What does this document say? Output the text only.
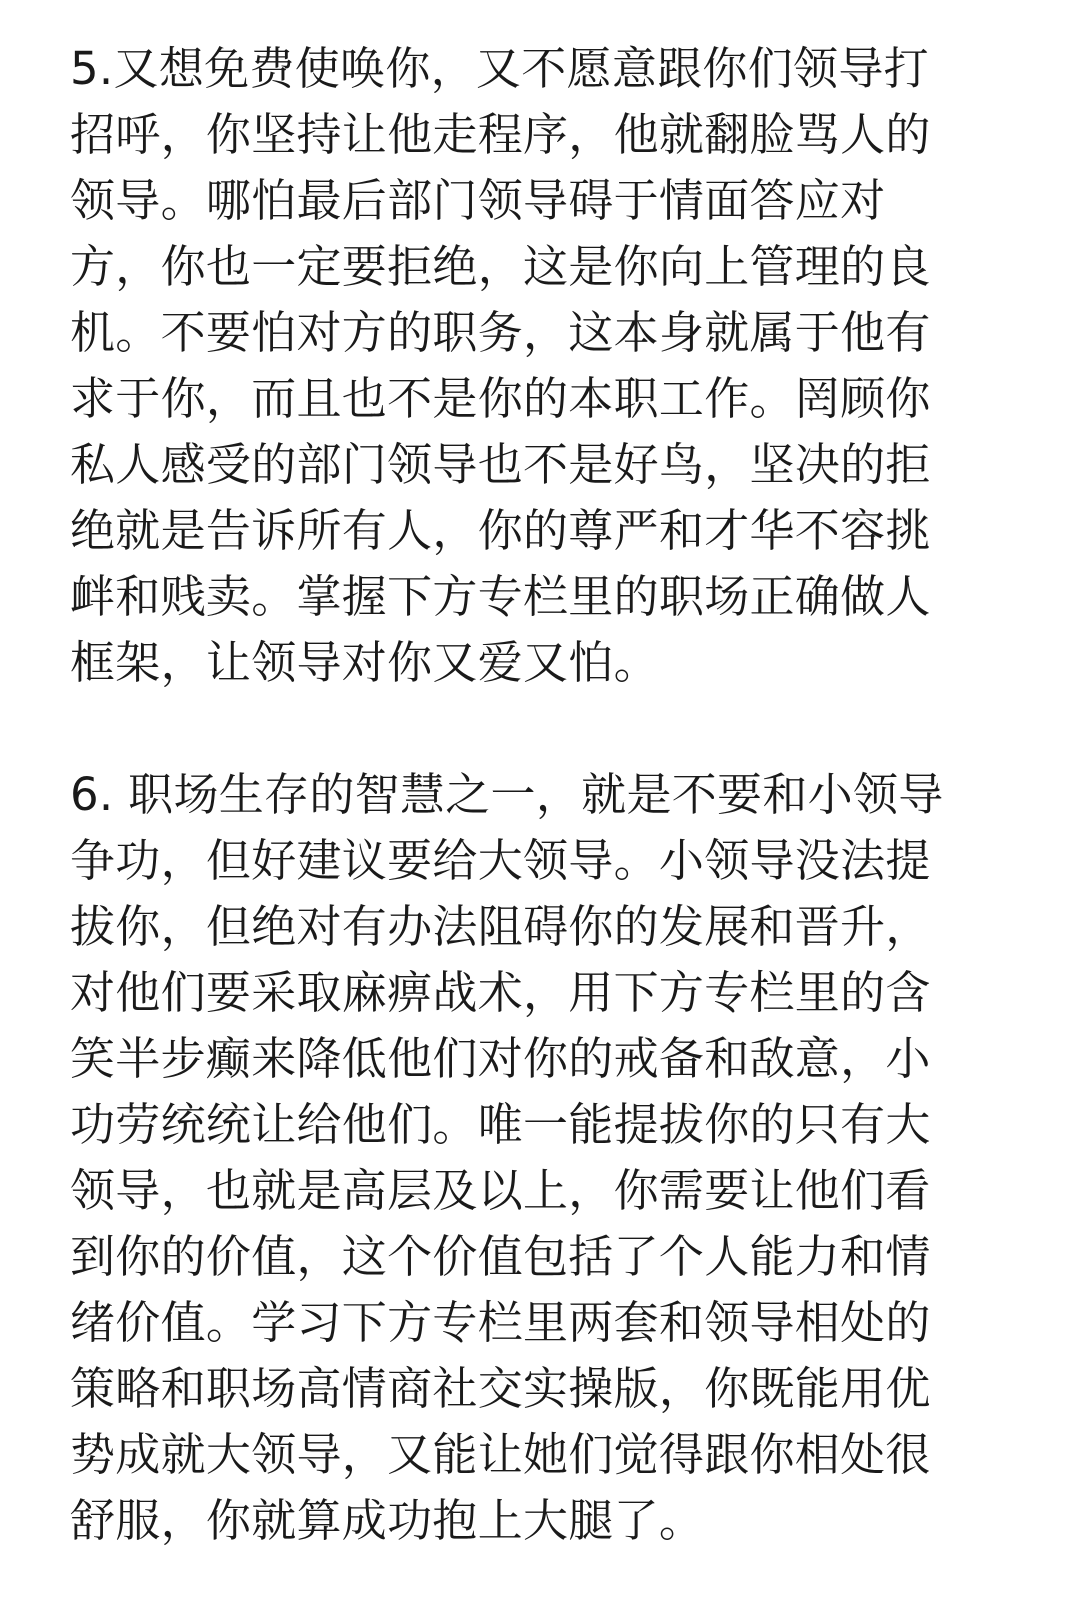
5.又想免费使唤你，又不愿意跟你们领导打招呼，你坚持让他走程序，他就翻脸骂人的领导。哪怕最后部门领导碍于情面答应对方，你也一定要拒绝，这是你向上管理的良机。不要怕对方的职务，这本身就属于他有求于你，而且也不是你的本职工作。罔顾你私人感受的部门领导也不是好鸟，坚决的拒绝就是告诉所有人，你的尊严和才华不容挑衅和贱卖。掌握下方专栏里的职场正确做人框架，让领导对你又爱又怕。

6. 职场生存的智慧之一，就是不要和小领导争功，但好建议要给大领导。小领导没法提拔你，但绝对有办法阻碍你的发展和晋升，对他们要采取麻痹战术，用下方专栏里的含笑半步癫来降低他们对你的戒备和敌意，小功劳统统让给他们。唯一能提拔你的只有大领导，也就是高层及以上，你需要让他们看到你的价值，这个价值包括了个人能力和情绪价值。学习下方专栏里两套和领导相处的策略和职场高情商社交实操版，你既能用优势成就大领导，又能让她们觉得跟你相处很舒服，你就算成功抱上大腿了。
